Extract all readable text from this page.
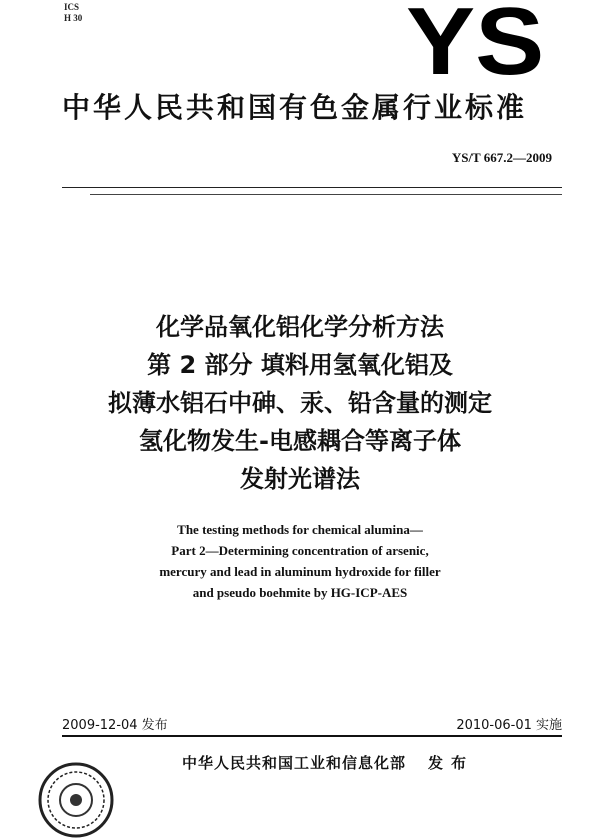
ICS
H 30	YS
中华人民共和国有色金属行业标准
YS/T 667.2—2009
化学品氧化铝化学分析方法
第 2 部分 填料用氢氧化铝及
拟薄水铝石中砷、汞、铅含量的测定
氢化物发生-电感耦合等离子体
发射光谱法
The testing methods for chemical alumina—
Part 2—Determining concentration of arsenic,
mercury and lead in aluminum hydroxide for filler
and pseudo boehmite by HG-ICP-AES
2009-12-04 发布	2010-06-01 实施
中华人民共和国工业和信息化部 发布
